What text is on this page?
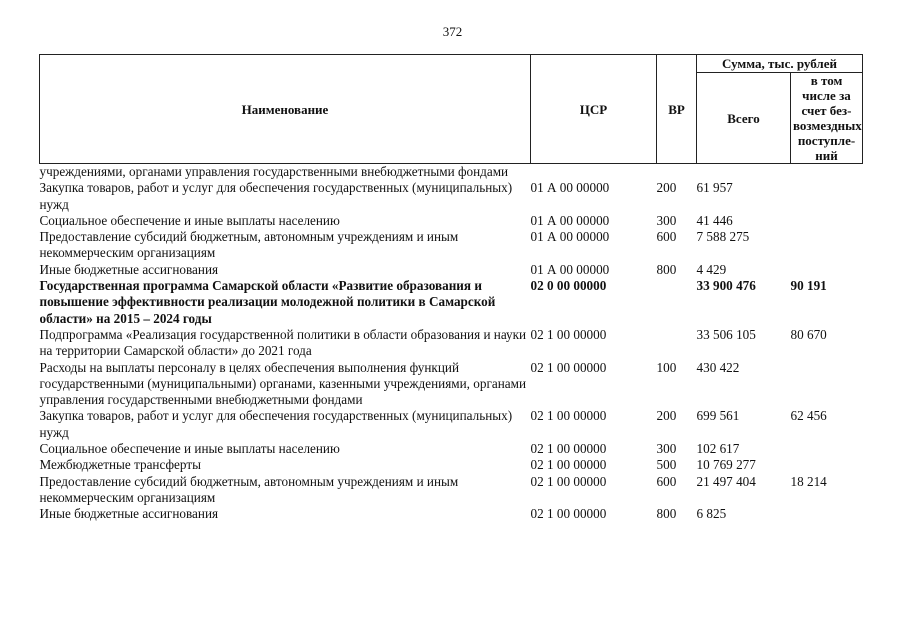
372
Наименование	ЦСР	ВР	Сумма, тыс. рублей	
			Всего	в том числе за счет без-возмездных поступле-ний
учреждениями, органами управления государственными внебюджетными фондами				
Закупка товаров, работ и услуг для обеспечения государственных (муниципальных) нужд	01 А 00 00000	200	61 957	
Социальное обеспечение и иные выплаты населению	01 А 00 00000	300	41 446	
Предоставление субсидий бюджетным, автономным учреждениям и иным некоммерческим организациям	01 А 00 00000	600	7 588 275	
Иные бюджетные ассигнования	01 А 00 00000	800	4 429	
Государственная программа Самарской области «Развитие образования и повышение эффективности реализации молодежной политики в Самарской области» на 2015 – 2024 годы	02 0 00 00000		33 900 476	90 191
Подпрограмма «Реализация государственной политики в области образования и науки на территории Самарской области» до 2021 года	02 1 00 00000		33 506 105	80 670
Расходы на выплаты персоналу в целях обеспечения выполнения функций государственными (муниципальными) органами, казенными учреждениями, органами управления государственными внебюджетными фондами	02 1 00 00000	100	430 422	
Закупка товаров, работ и услуг для обеспечения государственных (муниципальных) нужд	02 1 00 00000	200	699 561	62 456
Социальное обеспечение и иные выплаты населению	02 1 00 00000	300	102 617	
Межбюджетные трансферты	02 1 00 00000	500	10 769 277	
Предоставление субсидий бюджетным, автономным учреждениям и иным некоммерческим организациям	02 1 00 00000	600	21 497 404	18 214
Иные бюджетные ассигнования	02 1 00 00000	800	6 825	
